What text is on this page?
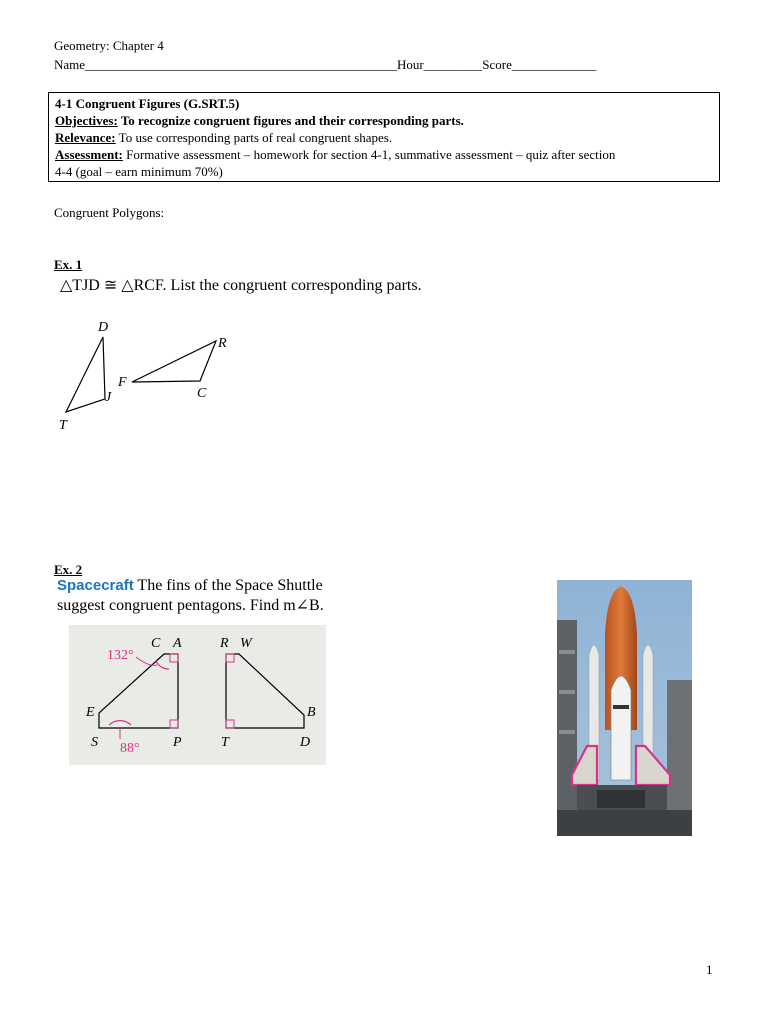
Geometry: Chapter 4
Name________________________________________________Hour_________Score_____________
4-1 Congruent Figures (G.SRT.5)
Objectives: To recognize congruent figures and their corresponding parts.
Relevance: To use corresponding parts of real congruent shapes.
Assessment: Formative assessment – homework for section 4-1, summative assessment – quiz after section
4-4 (goal – earn minimum 70%)
Congruent Polygons:
Ex. 1
△TJD ≅ △RCF. List the congruent corresponding parts.
D
J
T
F
R
C
Ex. 2
Spacecraft The fins of the Space Shuttle
suggest congruent pentagons. Find m∠B.
132°
88°
C A
E
S	P
R W
B
T	D
1
